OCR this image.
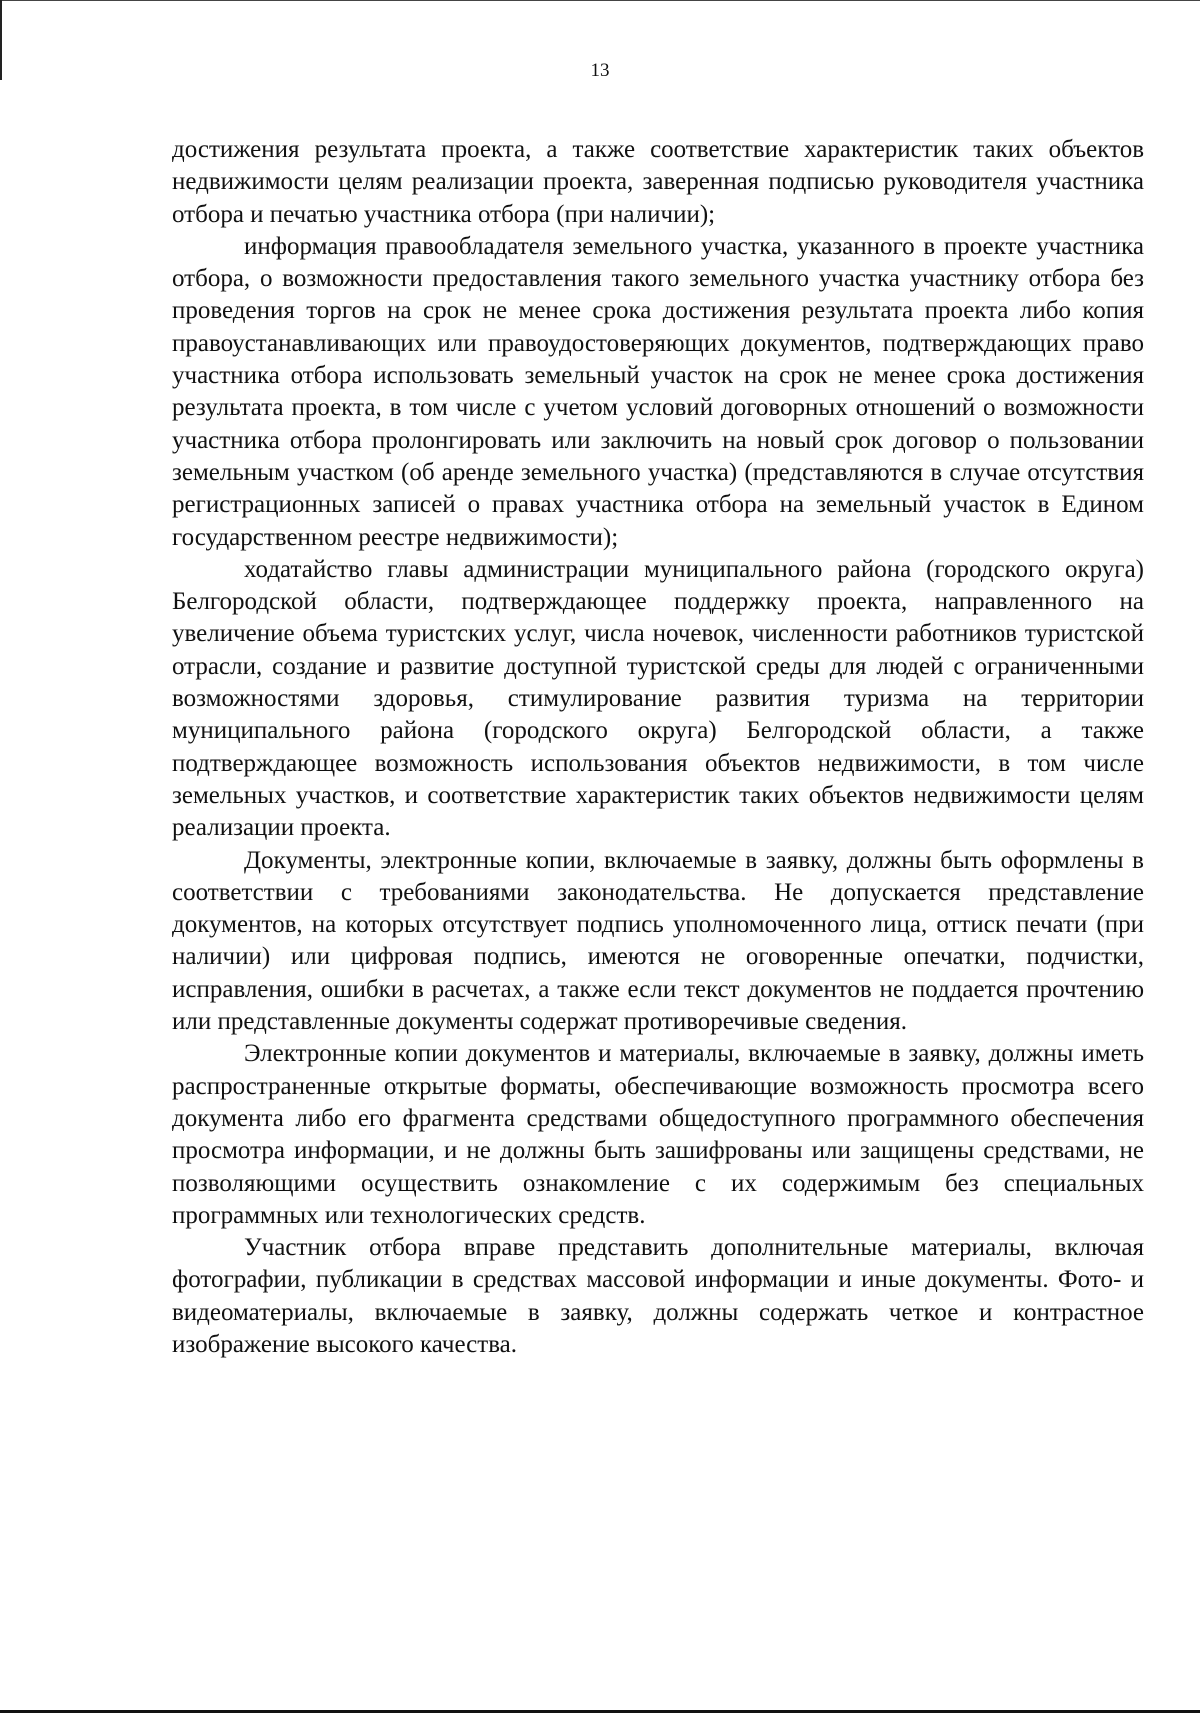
13

достижения результата проекта, а также соответствие характеристик таких объектов недвижимости целям реализации проекта, заверенная подписью руководителя участника отбора и печатью участника отбора (при наличии);

информация правообладателя земельного участка, указанного в проекте участника отбора, о возможности предоставления такого земельного участка участнику отбора без проведения торгов на срок не менее срока достижения результата проекта либо копия правоустанавливающих или правоудостоверяющих документов, подтверждающих право участника отбора использовать земельный участок на срок не менее срока достижения результата проекта, в том числе с учетом условий договорных отношений о возможности участника отбора пролонгировать или заключить на новый срок договор о пользовании земельным участком (об аренде земельного участка) (представляются в случае отсутствия регистрационных записей о правах участника отбора на земельный участок в Едином государственном реестре недвижимости);

ходатайство главы администрации муниципального района (городского округа) Белгородской области, подтверждающее поддержку проекта, направленного на увеличение объема туристских услуг, числа ночевок, численности работников туристской отрасли, создание и развитие доступной туристской среды для людей с ограниченными возможностями здоровья, стимулирование развития туризма на территории муниципального района (городского округа) Белгородской области, а также подтверждающее возможность использования объектов недвижимости, в том числе земельных участков, и соответствие характеристик таких объектов недвижимости целям реализации проекта.

Документы, электронные копии, включаемые в заявку, должны быть оформлены в соответствии с требованиями законодательства. Не допускается представление документов, на которых отсутствует подпись уполномоченного лица, оттиск печати (при наличии) или цифровая подпись, имеются не оговоренные опечатки, подчистки, исправления, ошибки в расчетах, а также если текст документов не поддается прочтению или представленные документы содержат противоречивые сведения.

Электронные копии документов и материалы, включаемые в заявку, должны иметь распространенные открытые форматы, обеспечивающие возможность просмотра всего документа либо его фрагмента средствами общедоступного программного обеспечения просмотра информации, и не должны быть зашифрованы или защищены средствами, не позволяющими осуществить ознакомление с их содержимым без специальных программных или технологических средств.

Участник отбора вправе представить дополнительные материалы, включая фотографии, публикации в средствах массовой информации и иные документы. Фото- и видеоматериалы, включаемые в заявку, должны содержать четкое и контрастное изображение высокого качества.
